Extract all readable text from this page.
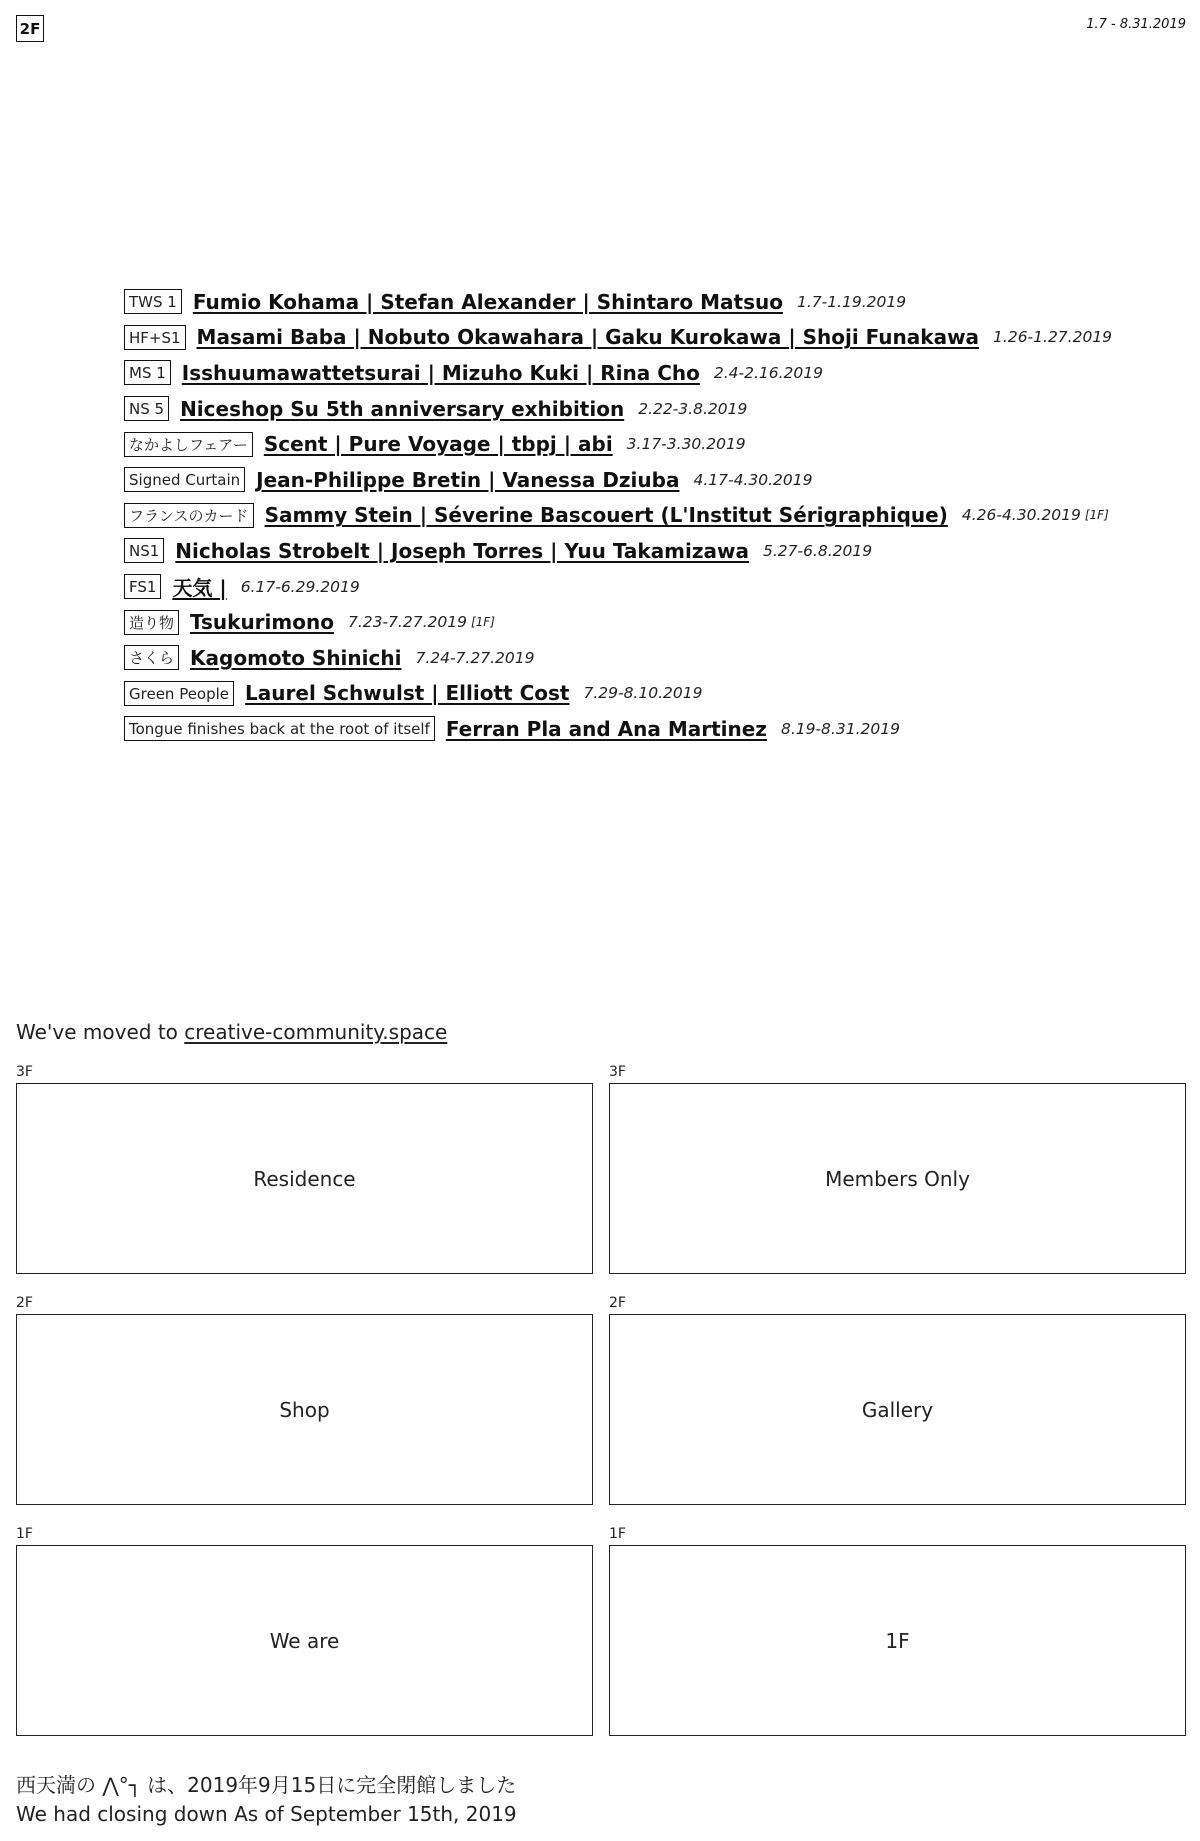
2F	1.7 - 8.31.2019
TWS 1 Fumio Kohama | Stefan Alexander | Shintaro Matsuo 1.7-1.19.2019
HF+S1 Masami Baba | Nobuto Okawahara | Gaku Kurokawa | Shoji Funakawa 1.26-1.27.2019
MS 1 Isshuumawattetsurai | Mizuho Kuki | Rina Cho 2.4-2.16.2019
NS 5 Niceshop Su 5th anniversary exhibition 2.22-3.8.2019
なかよしフェアー Scent | Pure Voyage | tbpj | abi 3.17-3.30.2019
Signed Curtain Jean-Philippe Bretin | Vanessa Dziuba 4.17-4.30.2019
フランスのカード Sammy Stein | Séverine Bascouert (L'Institut Sérigraphique) 4.26-4.30.2019 [1F]
NS1 Nicholas Strobelt | Joseph Torres | Yuu Takamizawa 5.27-6.8.2019
FS1 天気 | 6.17-6.29.2019
造り物 Tsukurimono 7.23-7.27.2019 [1F]
さくら Kagomoto Shinichi 7.24-7.27.2019
Green People Laurel Schwulst | Elliott Cost 7.29-8.10.2019
Tongue finishes back at the root of itself Ferran Pla and Ana Martinez 8.19-8.31.2019
We've moved to creative-community.space
3F
Residence
3F
Members Only
2F
Shop
2F
Gallery
1F
We are
1F
1F
西天満の ⋀°┐ は、2019年9月15日に完全閉館しました
We had closing down As of September 15th, 2019
